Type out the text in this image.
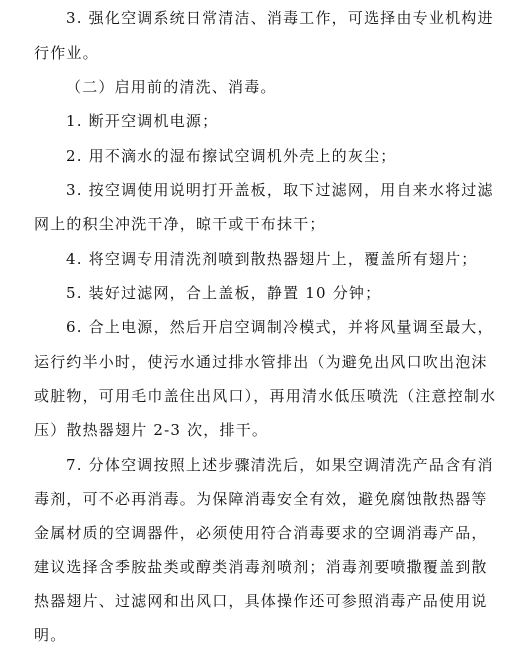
3. 强化空调系统日常清洁、消毒工作，可选择由专业机构进
行作业。
（二）启用前的清洗、消毒。
1. 断开空调机电源；
2. 用不滴水的湿布擦试空调机外壳上的灰尘；
3. 按空调使用说明打开盖板，取下过滤网，用自来水将过滤
网上的积尘冲洗干净，晾干或干布抹干；
4. 将空调专用清洗剂喷到散热器翅片上，覆盖所有翅片；
5. 装好过滤网，合上盖板，静置 10 分钟；
6. 合上电源，然后开启空调制冷模式，并将风量调至最大，
运行约半小时，使污水通过排水管排出（为避免出风口吹出泡沫
或脏物，可用毛巾盖住出风口），再用清水低压喷洗（注意控制水
压）散热器翅片 2-3 次，排干。
7. 分体空调按照上述步骤清洗后，如果空调清洗产品含有消
毒剂，可不必再消毒。为保障消毒安全有效，避免腐蚀散热器等
金属材质的空调器件，必须使用符合消毒要求的空调消毒产品，
建议选择含季胺盐类或醇类消毒剂喷剂；消毒剂要喷撒覆盖到散
热器翅片、过滤网和出风口，具体操作还可参照消毒产品使用说
明。
